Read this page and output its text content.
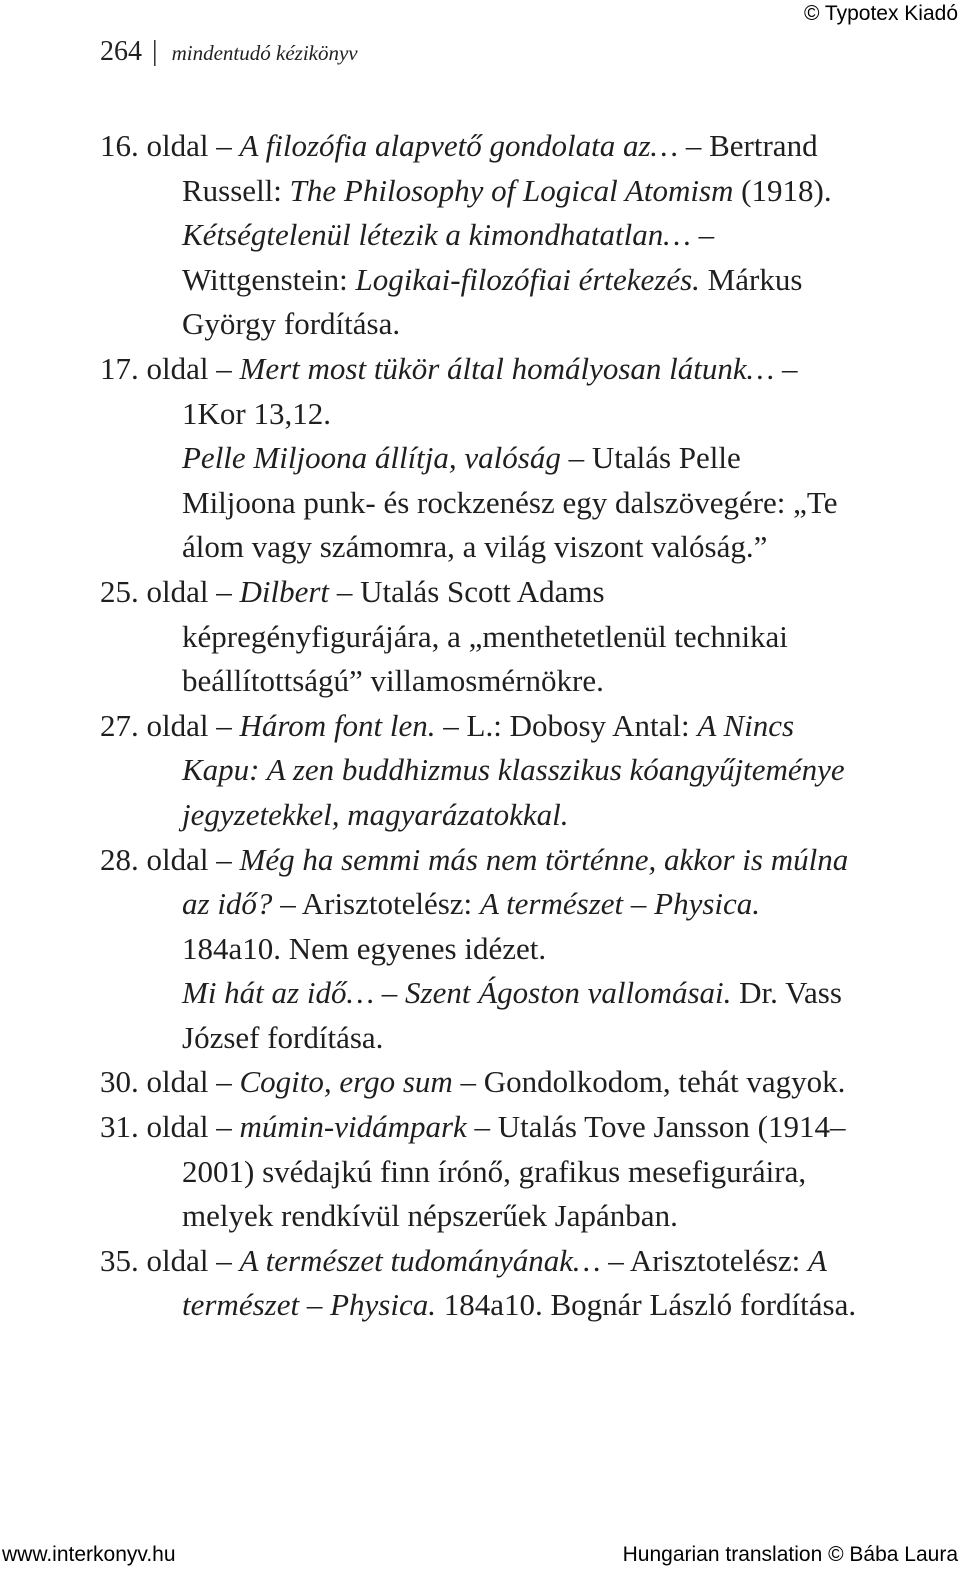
© Typotex Kiadó
264 | mindentudó kézikönyv

16. oldal – A filozófia alapvető gondolata az… – Bertrand Russell: The Philosophy of Logical Atomism (1918).

Kétségtelenül létezik a kimondhatatlan… – Wittgenstein: Logikai-filozófiai értekezés. Márkus György fordítása.

17. oldal – Mert most tükör által homályosan látunk… – 1Kor 13,12.

Pelle Miljoona állítja, valóság – Utalás Pelle Miljoona punk- és rockzenész egy dalszövegére: „Te álom vagy számomra, a világ viszont valóság.”

25. oldal – Dilbert – Utalás Scott Adams képregényfigurájára, a „menthetetlenül technikai beállítottságú” villamosmérnökre.

27. oldal – Három font len. – L.: Dobosy Antal: A Nincs Kapu: A zen buddhizmus klasszikus kóangyűjteménye jegyzetekkel, magyarázatokkal.

28. oldal – Még ha semmi más nem történne, akkor is múlna az idő? – Arisztotelész: A természet – Physica. 184a10. Nem egyenes idézet.

Mi hát az idő… – Szent Ágoston vallomásai. Dr. Vass József fordítása.

30. oldal – Cogito, ergo sum – Gondolkodom, tehát vagyok.

31. oldal – múmin-vidámpark – Utalás Tove Jansson (1914–2001) svédajkú finn írónő, grafikus mesefiguráira, melyek rendkívül népszerűek Japánban.

35. oldal – A természet tudományának… – Arisztotelész: A természet – Physica. 184a10. Bognár László fordítása.

www.interkonyv.hu	Hungarian translation © Bába Laura
